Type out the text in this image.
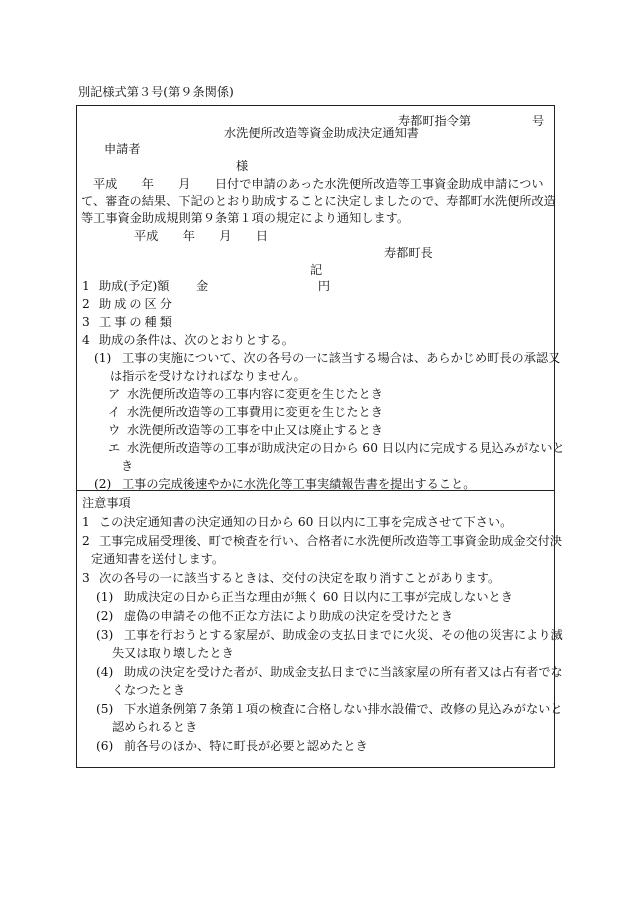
別記様式第３号(第９条関係)
寿都町指令第　　　　　号
水洗便所改造等資金助成決定通知書
申請者
様
平成　　年　　月　　日付で申請のあった水洗便所改造等工事資金助成申請につい
て、審査の結果、下記のとおり助成することに決定しましたので、寿都町水洗便所改造
等工事資金助成規則第９条第１項の規定により通知します。
平成　　年　　月　　日
寿都町長
記
1 助成(予定)額 金　　　　　　　　　円
2 助成の区分
3 工事の種類
4 助成の条件は、次のとおりとする。
(1) 工事の実施について、次の各号の一に該当する場合は、あらかじめ町長の承認又
は指示を受けなければなりません。
ア 水洗便所改造等の工事内容に変更を生じたとき
イ 水洗便所改造等の工事費用に変更を生じたとき
ウ 水洗便所改造等の工事を中止又は廃止するとき
エ 水洗便所改造等の工事が助成決定の日から 60 日以内に完成する見込みがないと
き
(2) 工事の完成後速やかに水洗化等工事実績報告書を提出すること。
注意事項
1 この決定通知書の決定通知の日から 60 日以内に工事を完成させて下さい。
2 工事完成届受理後、町で検査を行い、合格者に水洗便所改造等工事資金助成金交付決
定通知書を送付します。
3 次の各号の一に該当するときは、交付の決定を取り消すことがあります。
(1) 助成決定の日から正当な理由が無く 60 日以内に工事が完成しないとき
(2) 虚偽の申請その他不正な方法により助成の決定を受けたとき
(3) 工事を行おうとする家屋が、助成金の支払日までに火災、その他の災害により滅
失又は取り壊したとき
(4) 助成の決定を受けた者が、助成金支払日までに当該家屋の所有者又は占有者でな
くなつたとき
(5) 下水道条例第７条第１項の検査に合格しない排水設備で、改修の見込みがないと
認められるとき
(6) 前各号のほか、特に町長が必要と認めたとき
